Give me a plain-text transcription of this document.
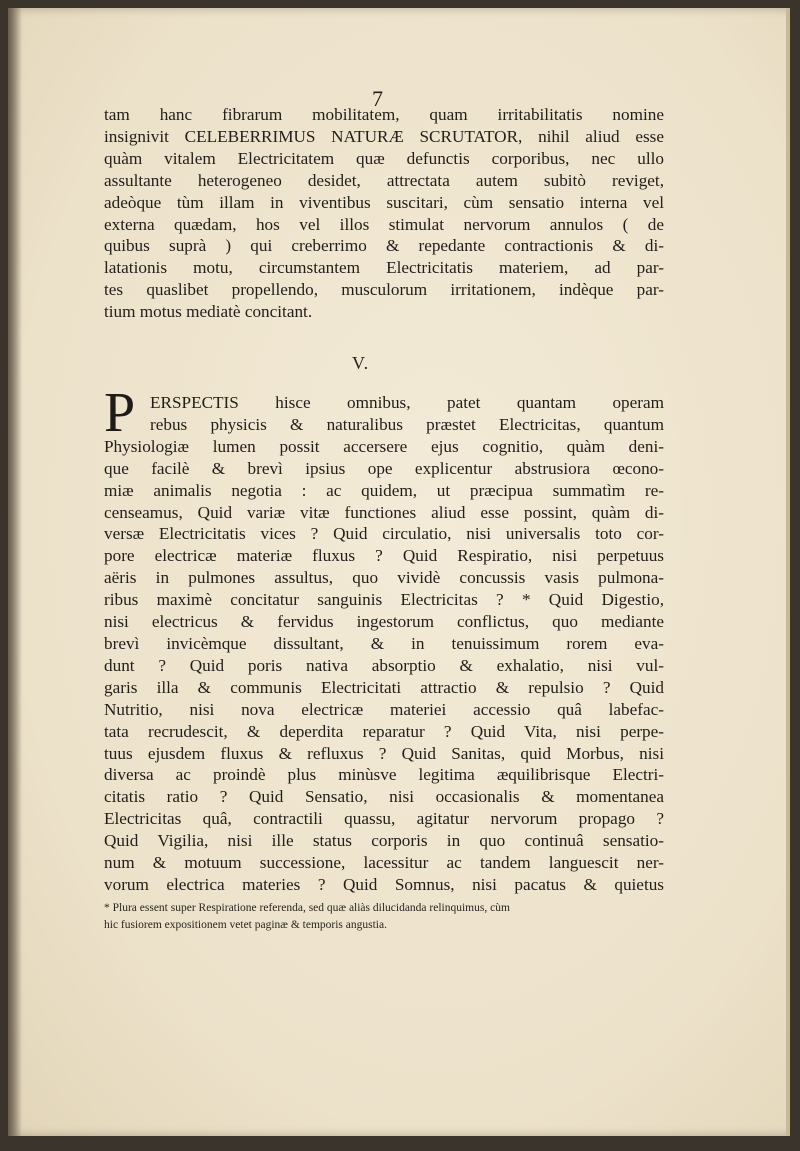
7
tam hanc fibrarum mobilitatem, quam irritabilitatis nomine
insignivit CELEBERRIMUS NATURÆ SCRUTATOR, nihil aliud esse
quàm vitalem Electricitatem quæ defunctis corporibus, nec ullo
assultante heterogeneo desidet, attrectata autem subitò reviget,
adeòque tùm illam in viventibus suscitari, cùm sensatio interna vel
externa quædam, hos vel illos stimulat nervorum annulos ( de
quibus suprà ) qui creberrimo & repedante contractionis & di-
latationis motu, circumstantem Electricitatis materiem, ad par-
tes quaslibet propellendo, musculorum irritationem, indèque par-
tium motus mediatè concitant.
V.
P ERSPECTIS hisce omnibus, patet quantam operam
rebus physicis & naturalibus præstet Electricitas, quantum
Physiologiæ lumen possit accersere ejus cognitio, quàm deni-
que facilè & brevì ipsius ope explicentur abstrusiora œcono-
miæ animalis negotia : ac quidem, ut præcipua summatìm re-
censeamus, Quid variæ vitæ functiones aliud esse possint, quàm di-
versæ Electricitatis vices ? Quid circulatio, nisi universalis toto cor-
pore electricæ materiæ fluxus ? Quid Respiratio, nisi perpetuus
aëris in pulmones assultus, quo vividè concussis vasis pulmona-
ribus maximè concitatur sanguinis Electricitas ? * Quid Digestio,
nisi electricus & fervidus ingestorum conflictus, quo mediante
brevì invicèmque dissultant, & in tenuissimum rorem eva-
dunt ? Quid poris nativa absorptio & exhalatio, nisi vul-
garis illa & communis Electricitati attractio & repulsio ? Quid
Nutritio, nisi nova electricæ materiei accessio quâ labefac-
tata recrudescit, & deperdita reparatur ? Quid Vita, nisi perpe-
tuus ejusdem fluxus & refluxus ? Quid Sanitas, quid Morbus, nisi
diversa ac proindè plus minùsve legitima æquilibrisque Electri-
citatis ratio ? Quid Sensatio, nisi occasionalis & momentanea
Electricitas quâ, contractili quassu, agitatur nervorum propago ?
Quid Vigilia, nisi ille status corporis in quo continuâ sensatio-
num & motuum successione, lacessitur ac tandem languescit ner-
vorum electrica materies ? Quid Somnus, nisi pacatus & quietus
* Plura essent super Respiratione referenda, sed quæ aliàs dilucidanda relinquimus, cùm
hic fusiorem expositionem vetet paginæ & temporis angustia.
